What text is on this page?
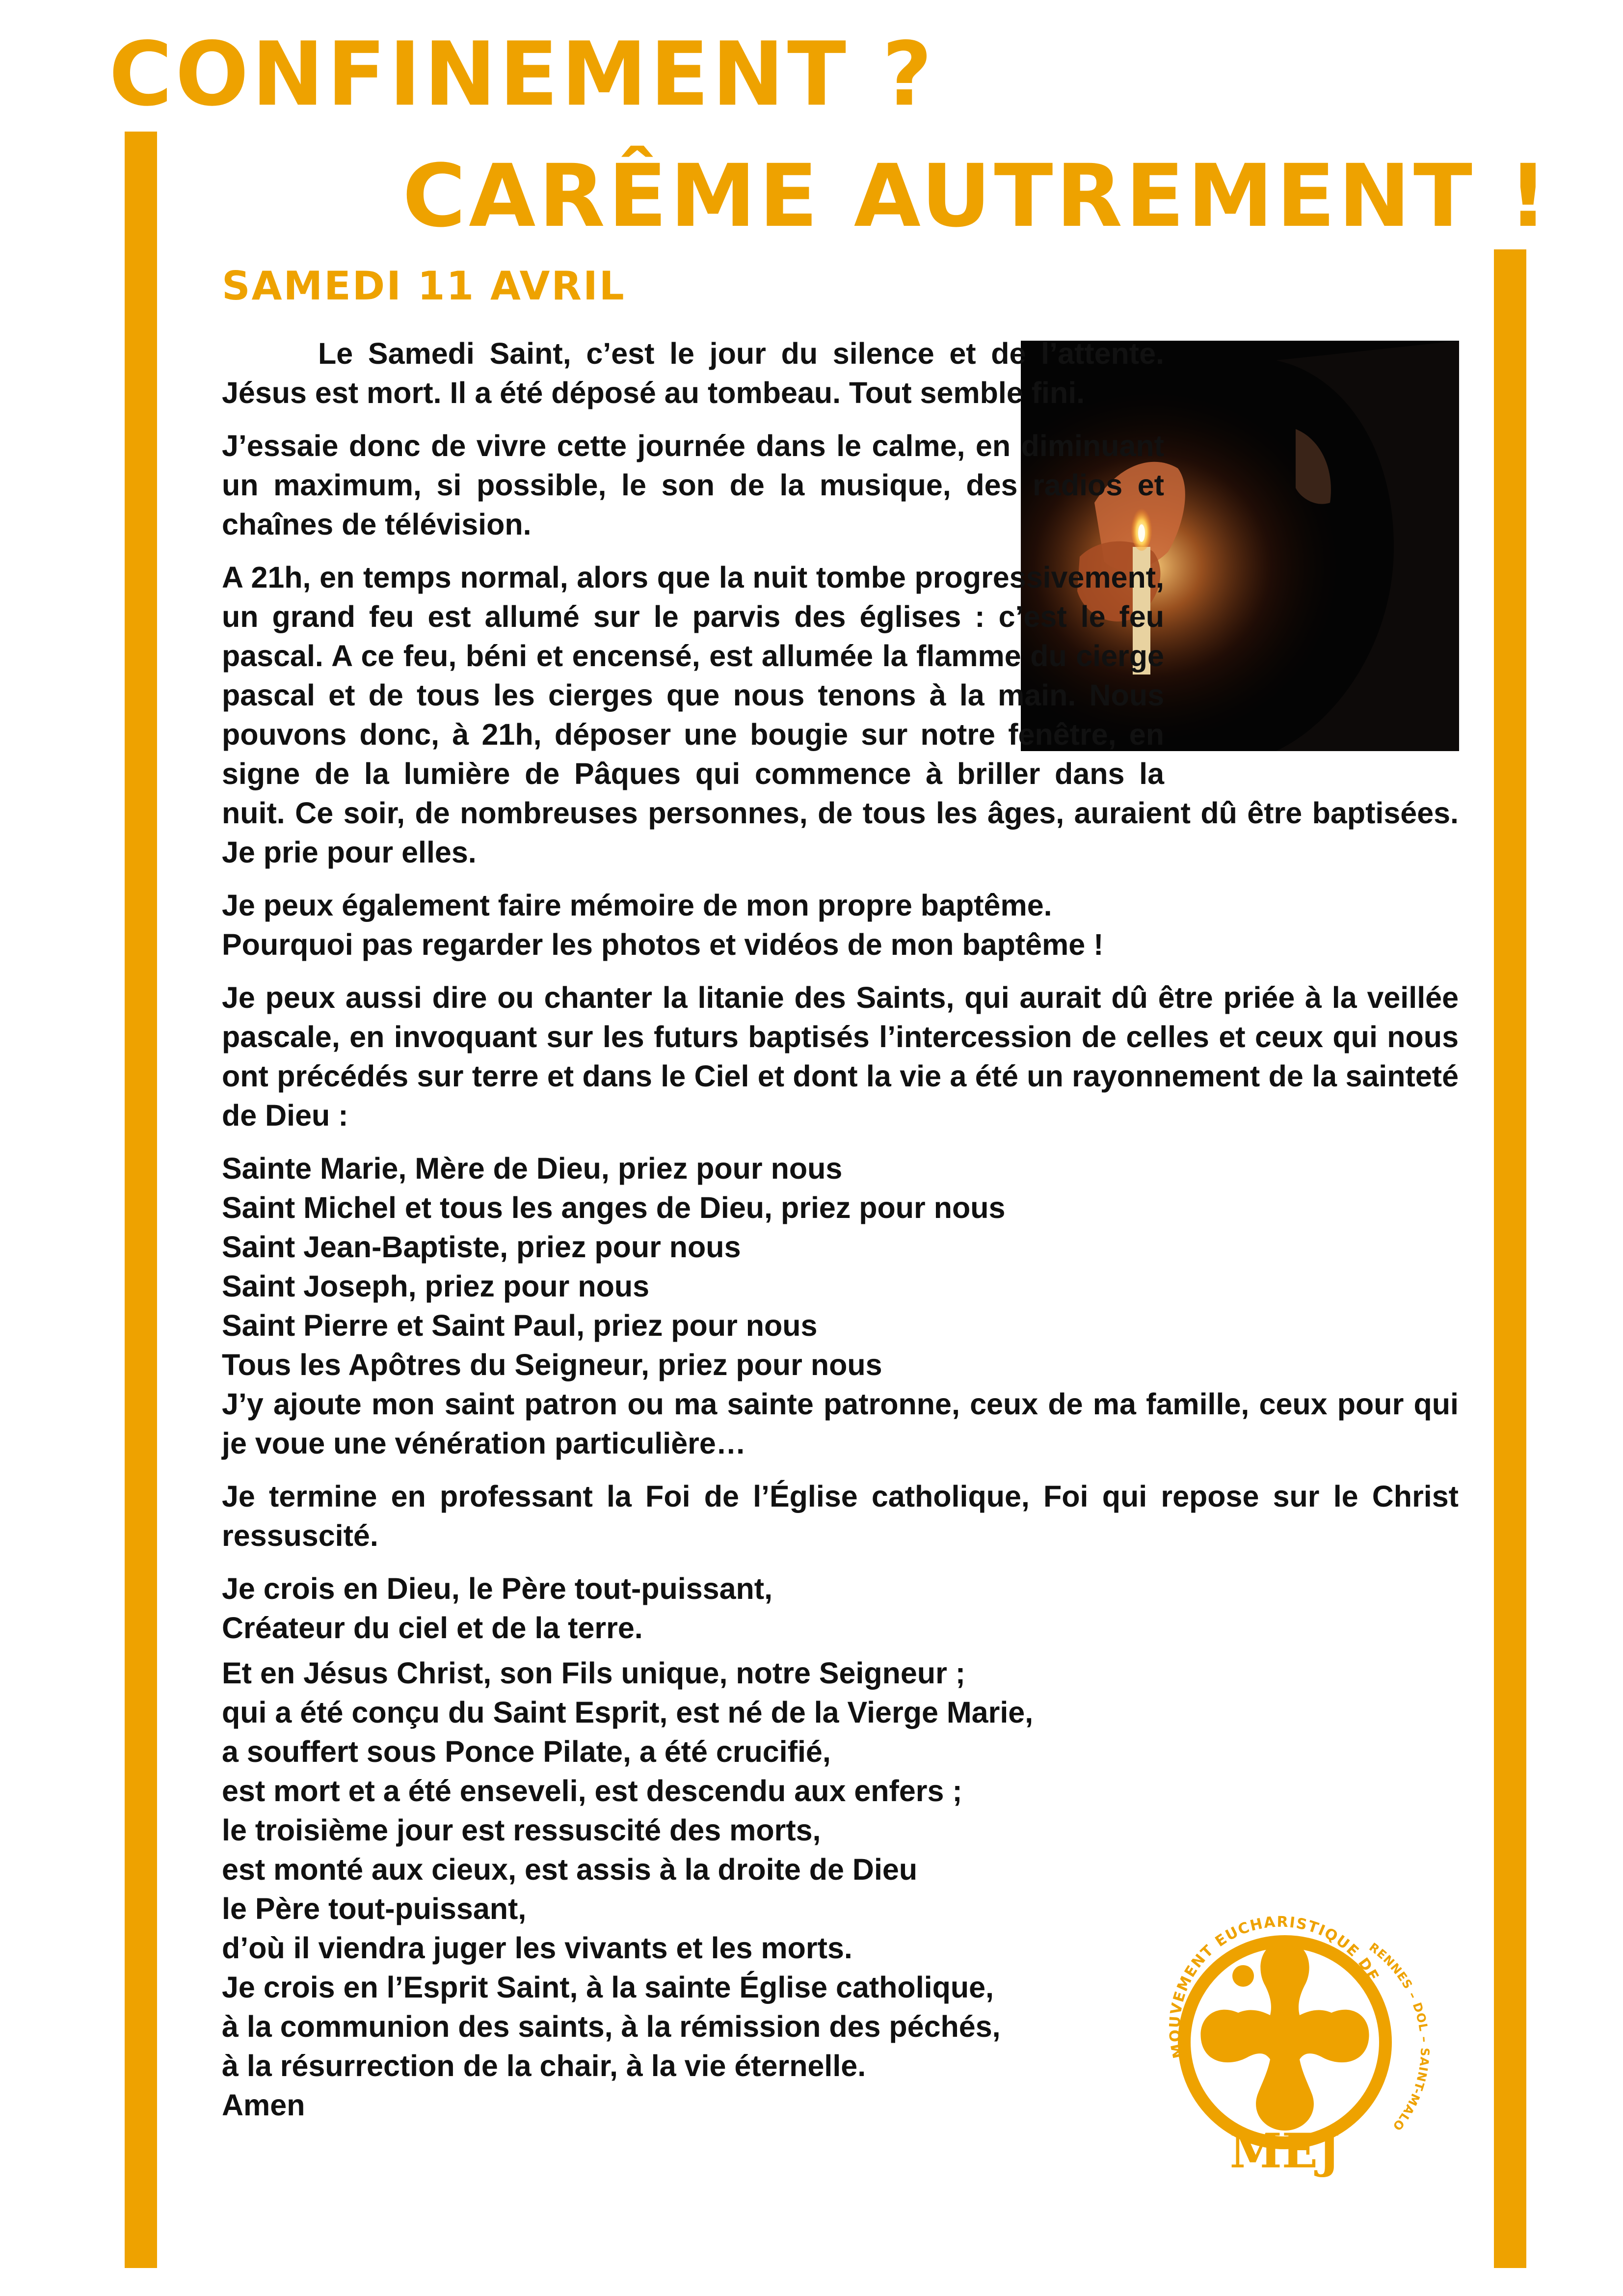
CONFINEMENT ?
CARÊME AUTREMENT !
SAMEDI 11 AVRIL

Le Samedi Saint, c’est le jour du silence et de l’attente. Jésus est mort. Il a été déposé au tombeau. Tout semble fini.

J’essaie donc de vivre cette journée dans le calme, en diminuant un maximum, si possible, le son de la musique, des radios et chaînes de télévision.

A 21h, en temps normal, alors que la nuit tombe progressivement, un grand feu est allumé sur le parvis des églises : c’est le feu pascal. A ce feu, béni et encensé, est allumée la flamme du cierge pascal et de tous les cierges que nous tenons à la main. Nous pouvons donc, à 21h, déposer une bougie sur notre fenêtre, en signe de la lumière de Pâques qui commence à briller dans la nuit. Ce soir, de nombreuses personnes, de tous les âges, auraient dû être baptisées. Je prie pour elles.

Je peux également faire mémoire de mon propre baptême.
Pourquoi pas regarder les photos et vidéos de mon baptême !

Je peux aussi dire ou chanter la litanie des Saints, qui aurait dû être priée à la veillée pascale, en invoquant sur les futurs baptisés l’intercession de celles et ceux qui nous ont précédés sur terre et dans le Ciel et dont la vie a été un rayonnement de la sainteté de Dieu :

Sainte Marie, Mère de Dieu, priez pour nous
Saint Michel et tous les anges de Dieu, priez pour nous
Saint Jean-Baptiste, priez pour nous
Saint Joseph, priez pour nous
Saint Pierre et Saint Paul, priez pour nous
Tous les Apôtres du Seigneur, priez pour nous
J’y ajoute mon saint patron ou ma sainte patronne, ceux de ma famille, ceux pour qui je voue une vénération particulière…

Je termine en professant la Foi de l’Église catholique, Foi qui repose sur le Christ ressuscité.

Je crois en Dieu, le Père tout-puissant,
Créateur du ciel et de la terre.

Et en Jésus Christ, son Fils unique, notre Seigneur ;
qui a été conçu du Saint Esprit, est né de la Vierge Marie,
a souffert sous Ponce Pilate, a été crucifié,
est mort et a été enseveli, est descendu aux enfers ;
le troisième jour est ressuscité des morts,
est monté aux cieux, est assis à la droite de Dieu
le Père tout-puissant,
d’où il viendra juger les vivants et les morts.
Je crois en l’Esprit Saint, à la sainte Église catholique,
à la communion des saints, à la rémission des péchés,
à la résurrection de la chair, à la vie éternelle.
Amen

MOUVEMENT EUCHARISTIQUE DE
RENNES – DOL – SAINT-MALO
MEJ
